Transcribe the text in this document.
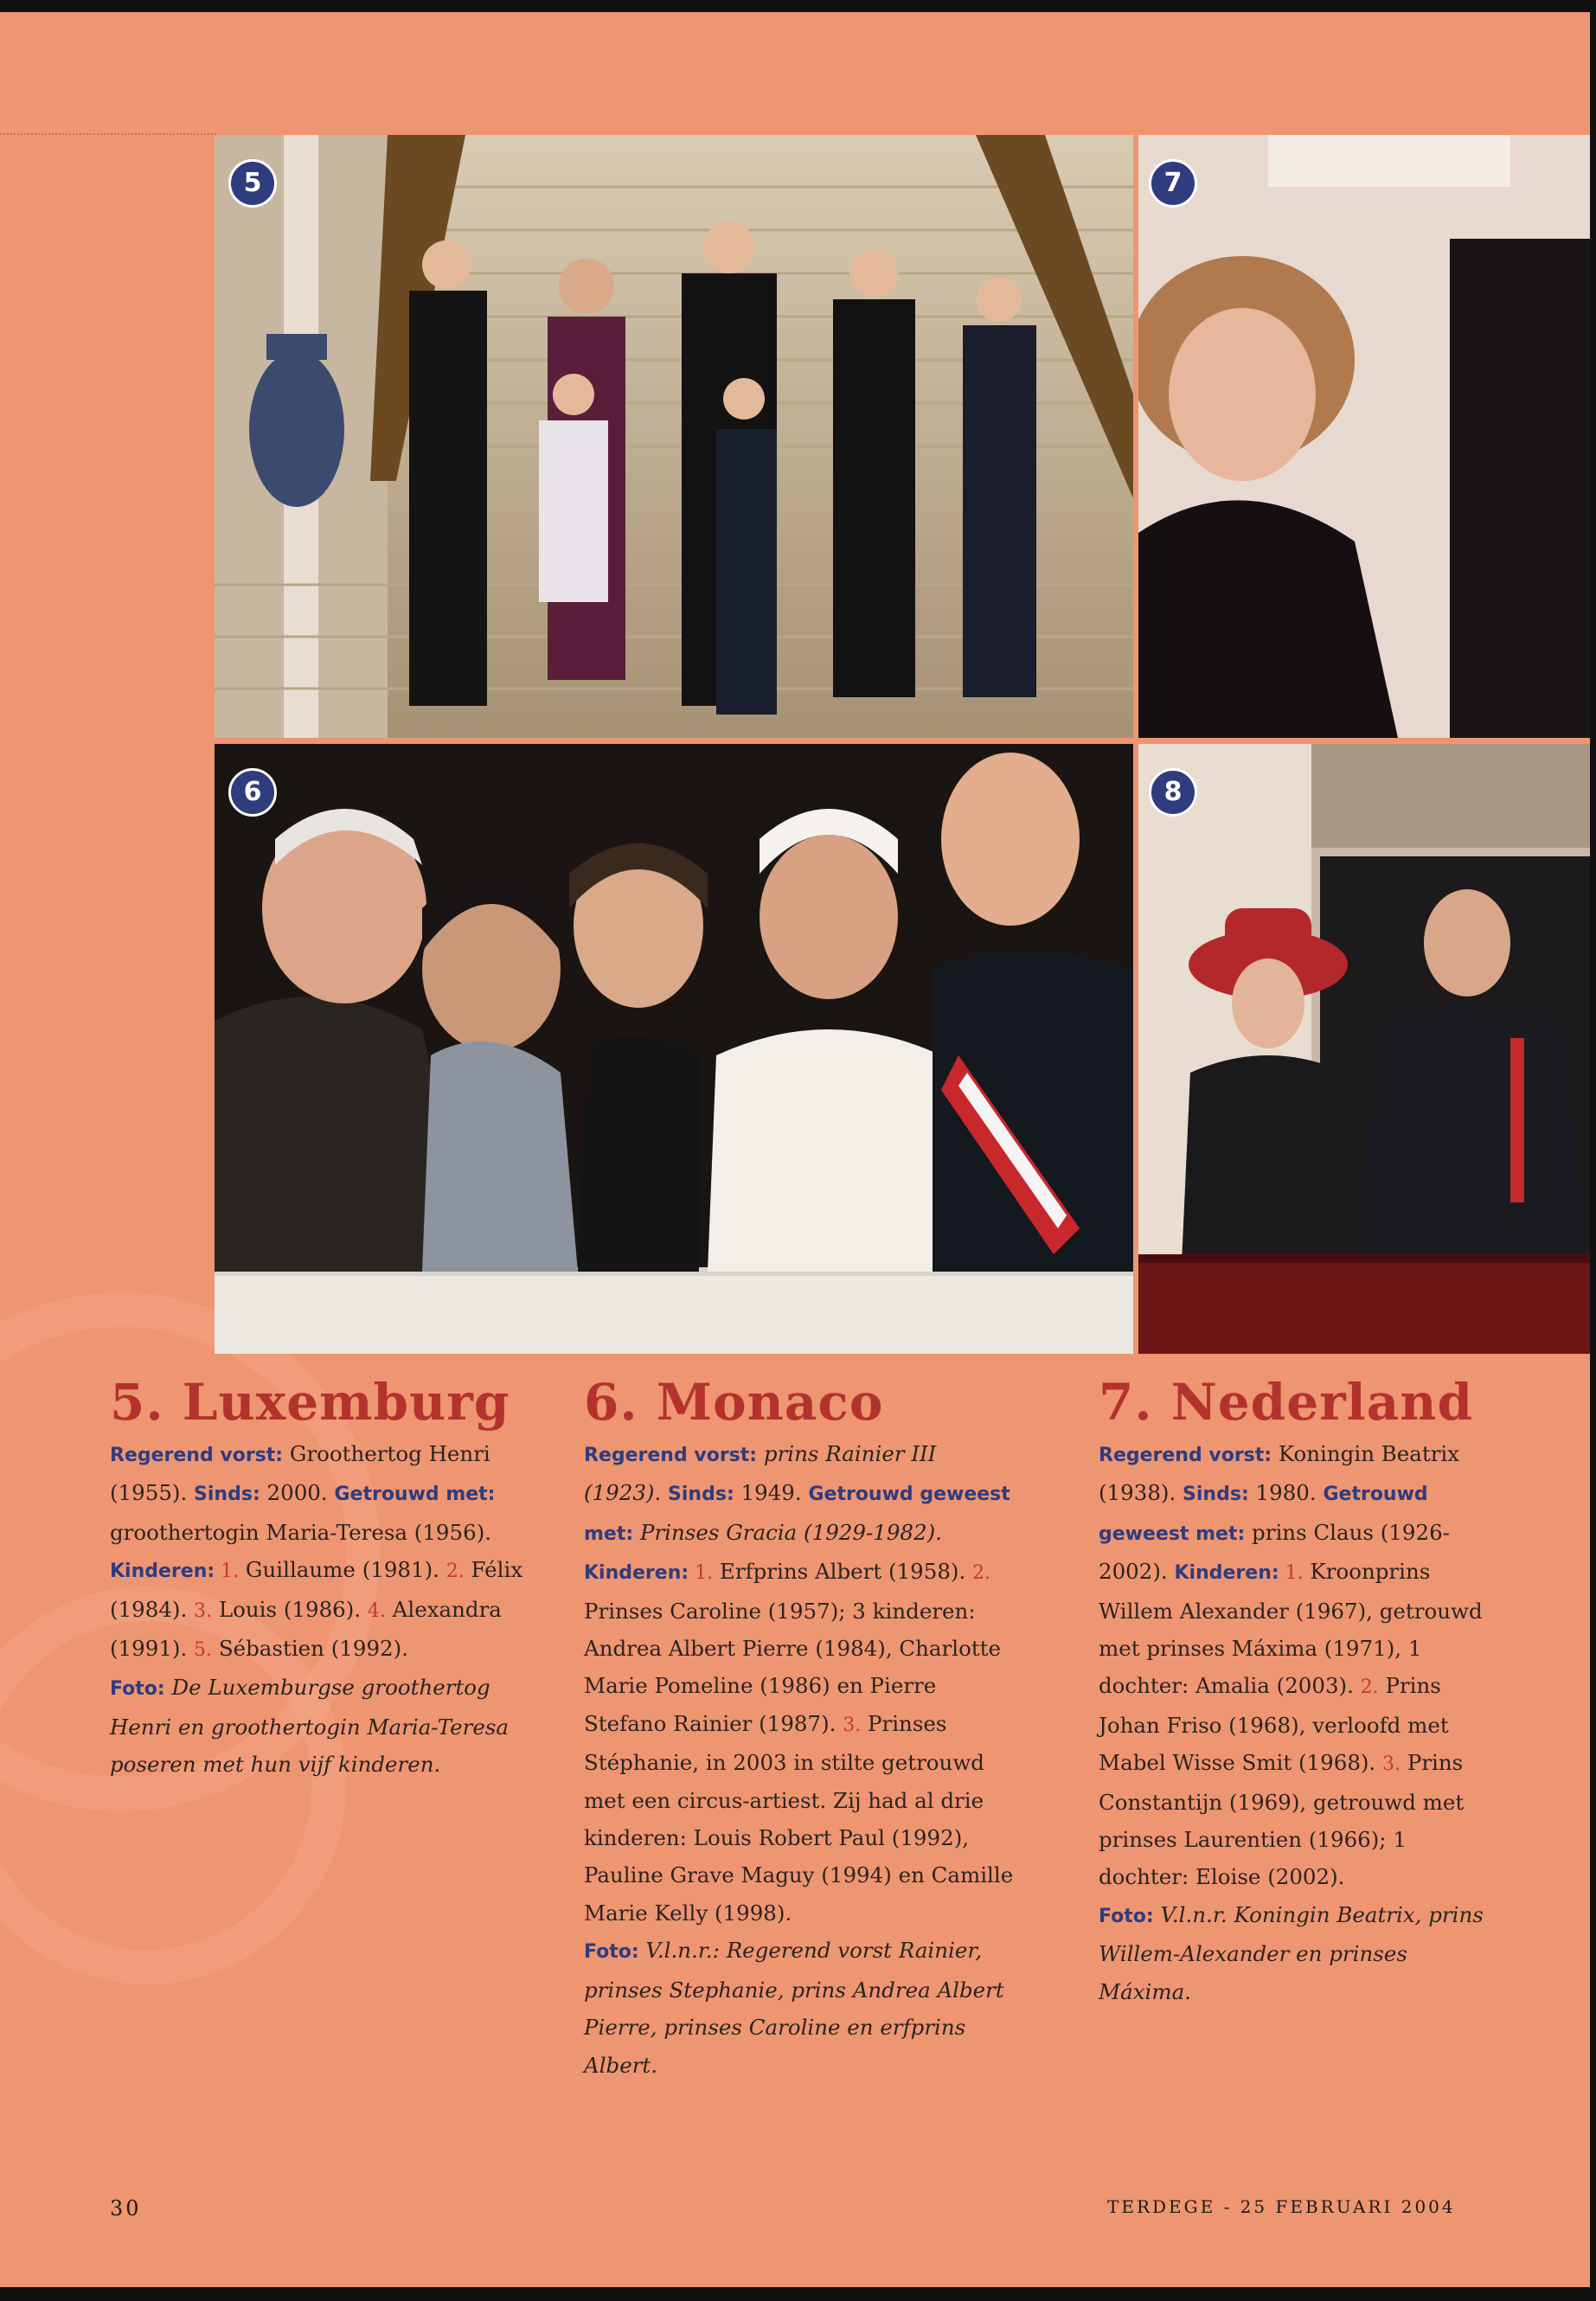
5	7
6	8
5. Luxemburg

Regerend vorst: Groothertog Henri (1955). Sinds: 2000. Getrouwd met: groothertogin Maria-Teresa (1956). Kinderen: 1. Guillaume (1981). 2. Félix (1984). 3. Louis (1986). 4. Alexandra (1991). 5. Sébastien (1992).

Foto: De Luxemburgse groothertog Henri en groothertogin Maria-Teresa poseren met hun vijf kinderen.

6. Monaco

Regerend vorst: prins Rainier III (1923). Sinds: 1949. Getrouwd geweest met: Prinses Gracia (1929-1982). Kinderen: 1. Erfprins Albert (1958). 2. Prinses Caroline (1957); 3 kinderen: Andrea Albert Pierre (1984), Charlotte Marie Pomeline (1986) en Pierre Stefano Rainier (1987). 3. Prinses Stéphanie, in 2003 in stilte getrouwd met een circus-artiest. Zij had al drie kinderen: Louis Robert Paul (1992), Pauline Grave Maguy (1994) en Camille Marie Kelly (1998).

Foto: V.l.n.r.: Regerend vorst Rainier, prinses Stephanie, prins Andrea Albert Pierre, prinses Caroline en erfprins Albert.

7. Nederland

Regerend vorst: Koningin Beatrix (1938). Sinds: 1980. Getrouwd geweest met: prins Claus (1926-2002). Kinderen: 1. Kroonprins Willem Alexander (1967), getrouwd met prinses Máxima (1971), 1 dochter: Amalia (2003). 2. Prins Johan Friso (1968), verloofd met Mabel Wisse Smit (1968). 3. Prins Constantijn (1969), getrouwd met prinses Laurentien (1966); 1 dochter: Eloise (2002).

Foto: V.l.n.r. Koningin Beatrix, prins Willem-Alexander en prinses Máxima.

30	TERDEGE - 25 FEBRUARI 2004
